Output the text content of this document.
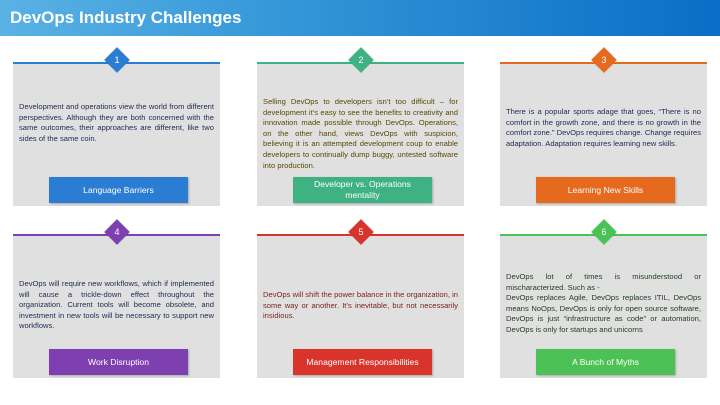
DevOps Industry Challenges
1
Development and operations view the world from different perspectives. Although they are both concerned with the same outcomes, their approaches are different, like two sides of the same coin.
Language Barriers
2
Selling DevOps to developers isn’t too difficult – for development it’s easy to see the benefits to creativity and innovation made possible through DevOps. Operations, on the other hand, views DevOps with suspicion, believing it is an attempted development coup to enable developers to continually dump buggy, untested software into production.
Developer vs. Operations mentality
3
There is a popular sports adage that goes, “There is no comfort in the growth zone, and there is no growth in the comfort zone.” DevOps requires change. Change requires adaptation. Adaptation requires learning new skills.
Learning New Skills
4
DevOps will require new workflows, which if implemented will cause a trickle-down effect throughout the organization. Current tools will become obsolete, and investment in new tools will be necessary to support new workflows.
Work Disruption
5
DevOps will shift the power balance in the organization, in some way or another. It’s inevitable, but not necessarily insidious.
Management Responsibilities
6
DevOps lot of times is misunderstood or mischaracterized. Such as -
DevOps replaces Agile, DevOps replaces ITIL, DevOps means NoOps, DevOps is only for open source software, DevOps is just “infrastructure as code” or automation, DevOps is only for startups and unicorns
A Bunch of Myths
